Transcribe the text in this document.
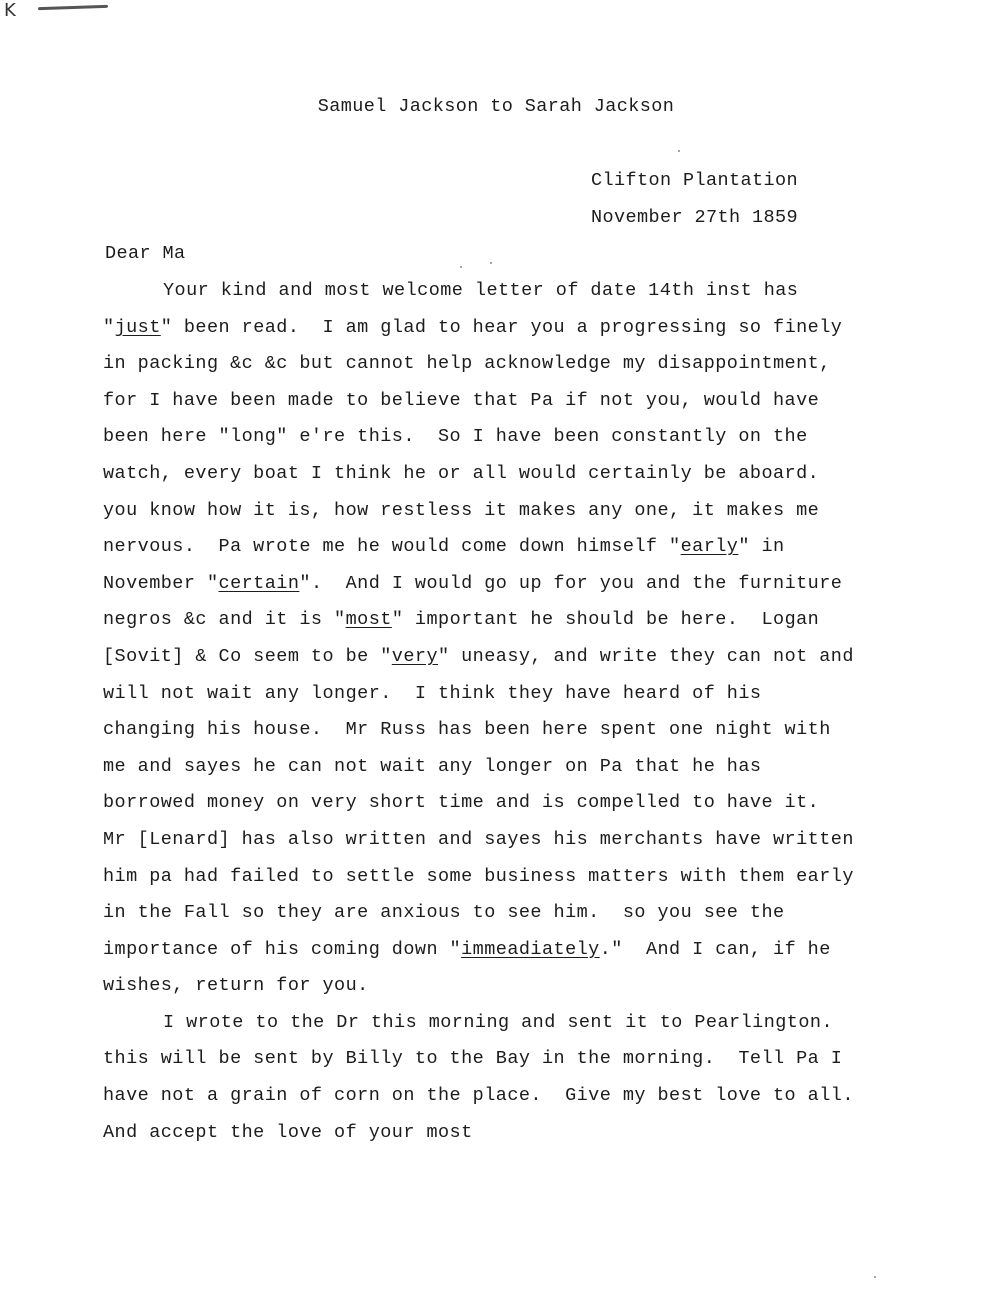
K
Samuel Jackson to Sarah Jackson
Clifton Plantation
November 27th 1859
Dear Ma
Your kind and most welcome letter of date 14th inst has
"just" been read.  I am glad to hear you a progressing so finely
in packing &c &c but cannot help acknowledge my disappointment,
for I have been made to believe that Pa if not you, would have
been here "long" e're this.  So I have been constantly on the
watch, every boat I think he or all would certainly be aboard.
you know how it is, how restless it makes any one, it makes me
nervous.  Pa wrote me he would come down himself "early" in
November "certain".  And I would go up for you and the furniture
negros &c and it is "most" important he should be here.  Logan
[Sovit] & Co seem to be "very" uneasy, and write they can not and
will not wait any longer.  I think they have heard of his
changing his house.  Mr Russ has been here spent one night with
me and sayes he can not wait any longer on Pa that he has
borrowed money on very short time and is compelled to have it.
Mr [Lenard] has also written and sayes his merchants have written
him pa had failed to settle some business matters with them early
in the Fall so they are anxious to see him.  so you see the
importance of his coming down "immeadiately."  And I can, if he
wishes, return for you.
I wrote to the Dr this morning and sent it to Pearlington.
this will be sent by Billy to the Bay in the morning.  Tell Pa I
have not a grain of corn on the place.  Give my best love to all.
And accept the love of your most
